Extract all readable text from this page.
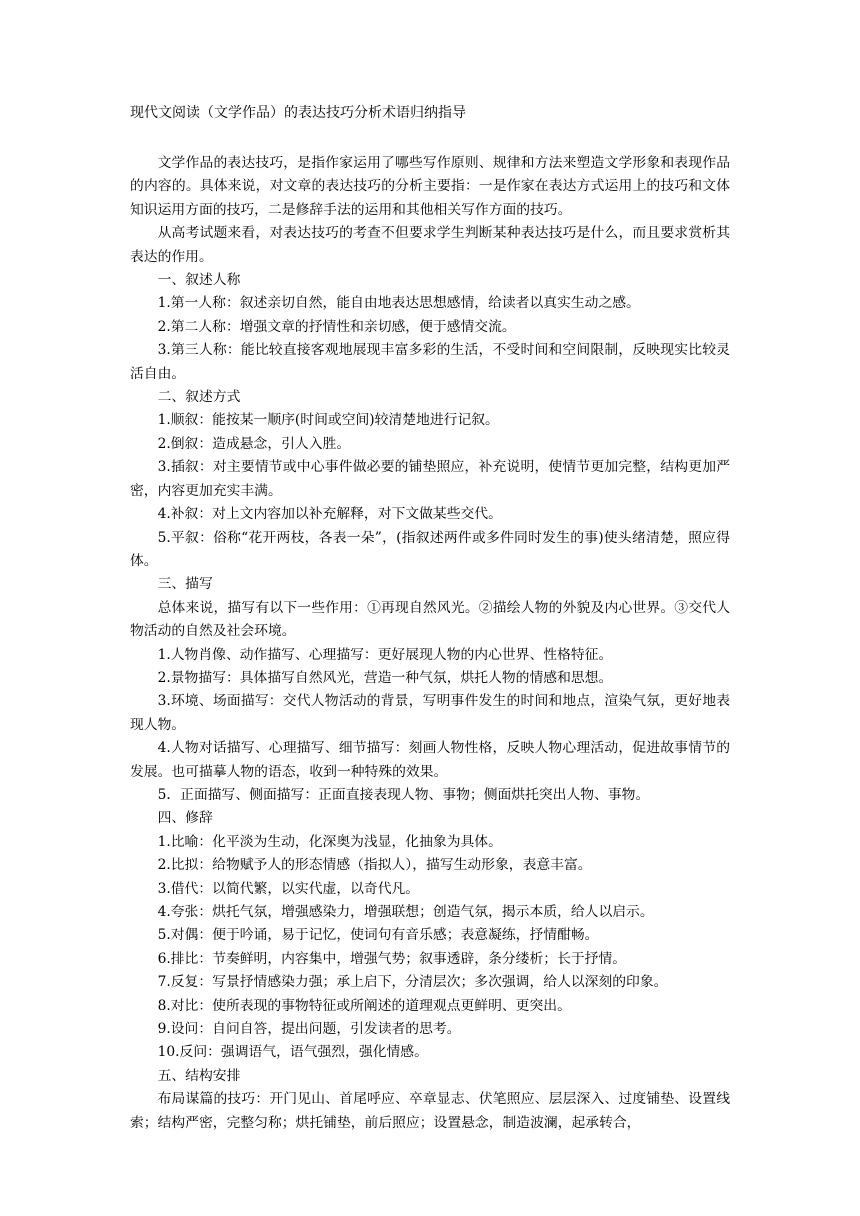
现代文阅读（文学作品）的表达技巧分析术语归纳指导

文学作品的表达技巧，是指作家运用了哪些写作原则、规律和方法来塑造文学形象和表现作品的内容的。具体来说，对文章的表达技巧的分析主要指：一是作家在表达方式运用上的技巧和文体知识运用方面的技巧，二是修辞手法的运用和其他相关写作方面的技巧。

从高考试题来看，对表达技巧的考查不但要求学生判断某种表达技巧是什么，而且要求赏析其表达的作用。

一、叙述人称

1.第一人称：叙述亲切自然，能自由地表达思想感情，给读者以真实生动之感。

2.第二人称：增强文章的抒情性和亲切感，便于感情交流。

3.第三人称：能比较直接客观地展现丰富多彩的生活，不受时间和空间限制，反映现实比较灵活自由。

二、叙述方式

1.顺叙：能按某一顺序(时间或空间)较清楚地进行记叙。

2.倒叙：造成悬念，引人入胜。

3.插叙：对主要情节或中心事件做必要的铺垫照应，补充说明，使情节更加完整，结构更加严密，内容更加充实丰满。

4.补叙：对上文内容加以补充解释，对下文做某些交代。

5.平叙：俗称“花开两枝，各表一朵”，(指叙述两件或多件同时发生的事)使头绪清楚，照应得体。

三、描写

总体来说，描写有以下一些作用：①再现自然风光。②描绘人物的外貌及内心世界。③交代人物活动的自然及社会环境。

1.人物肖像、动作描写、心理描写：更好展现人物的内心世界、性格特征。

2.景物描写：具体描写自然风光，营造一种气氛，烘托人物的情感和思想。

3.环境、场面描写：交代人物活动的背景，写明事件发生的时间和地点，渲染气氛，更好地表现人物。

4.人物对话描写、心理描写、细节描写：刻画人物性格，反映人物心理活动，促进故事情节的发展。也可描摹人物的语态，收到一种特殊的效果。

5．正面描写、侧面描写：正面直接表现人物、事物；侧面烘托突出人物、事物。

四、修辞

1.比喻：化平淡为生动，化深奥为浅显，化抽象为具体。

2.比拟：给物赋予人的形态情感（指拟人），描写生动形象，表意丰富。

3.借代：以简代繁，以实代虚，以奇代凡。

4.夸张：烘托气氛，增强感染力，增强联想；创造气氛，揭示本质，给人以启示。

5.对偶：便于吟诵，易于记忆，使词句有音乐感；表意凝练，抒情酣畅。

6.排比：节奏鲜明，内容集中，增强气势；叙事透辟，条分缕析；长于抒情。

7.反复：写景抒情感染力强；承上启下，分清层次；多次强调，给人以深刻的印象。

8.对比：使所表现的事物特征或所阐述的道理观点更鲜明、更突出。

9.设问：自问自答，提出问题，引发读者的思考。

10.反问：强调语气，语气强烈，强化情感。

五、结构安排

布局谋篇的技巧：开门见山、首尾呼应、卒章显志、伏笔照应、层层深入、过度铺垫、设置线索；结构严密，完整匀称；烘托铺垫，前后照应；设置悬念，制造波澜，起承转合，
